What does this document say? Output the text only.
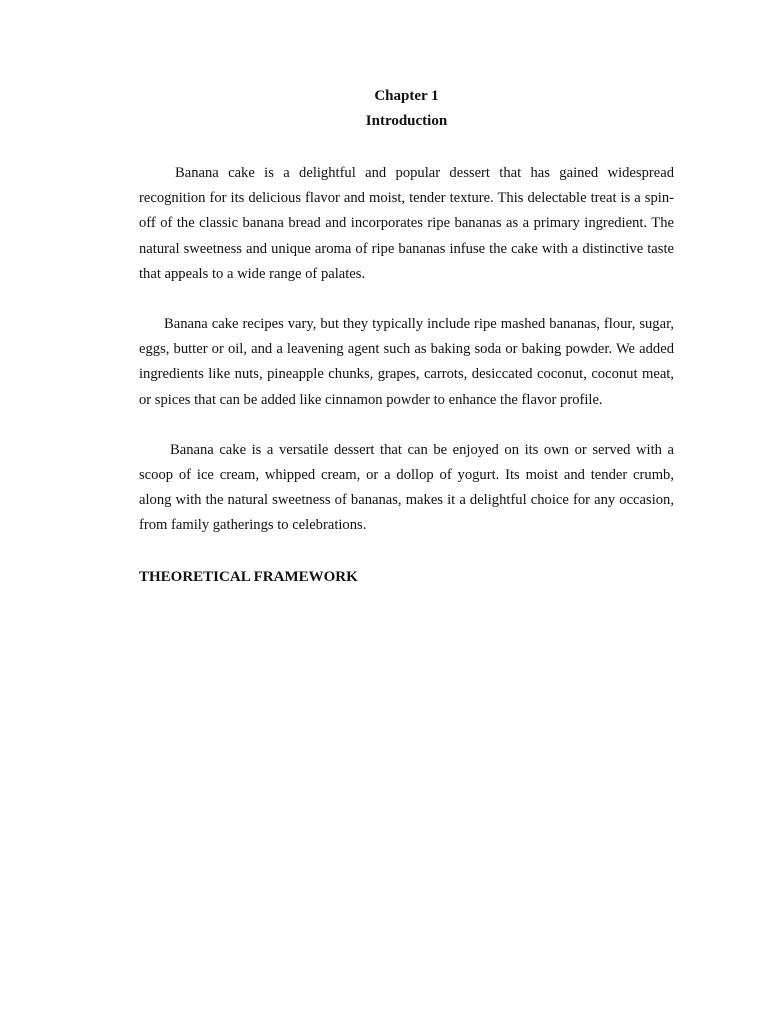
Chapter 1

Introduction

Banana cake is a delightful and popular dessert that has gained widespread recognition for its delicious flavor and moist, tender texture. This delectable treat is a spin-off of the classic banana bread and incorporates ripe bananas as a primary ingredient. The natural sweetness and unique aroma of ripe bananas infuse the cake with a distinctive taste that appeals to a wide range of palates.

Banana cake recipes vary, but they typically include ripe mashed bananas, flour, sugar, eggs, butter or oil, and a leavening agent such as baking soda or baking powder. We added ingredients like nuts, pineapple chunks, grapes, carrots, desiccated coconut, coconut meat, or spices that can be added like cinnamon powder to enhance the flavor profile.

Banana cake is a versatile dessert that can be enjoyed on its own or served with a scoop of ice cream, whipped cream, or a dollop of yogurt. Its moist and tender crumb, along with the natural sweetness of bananas, makes it a delightful choice for any occasion, from family gatherings to celebrations.

THEORETICAL FRAMEWORK
